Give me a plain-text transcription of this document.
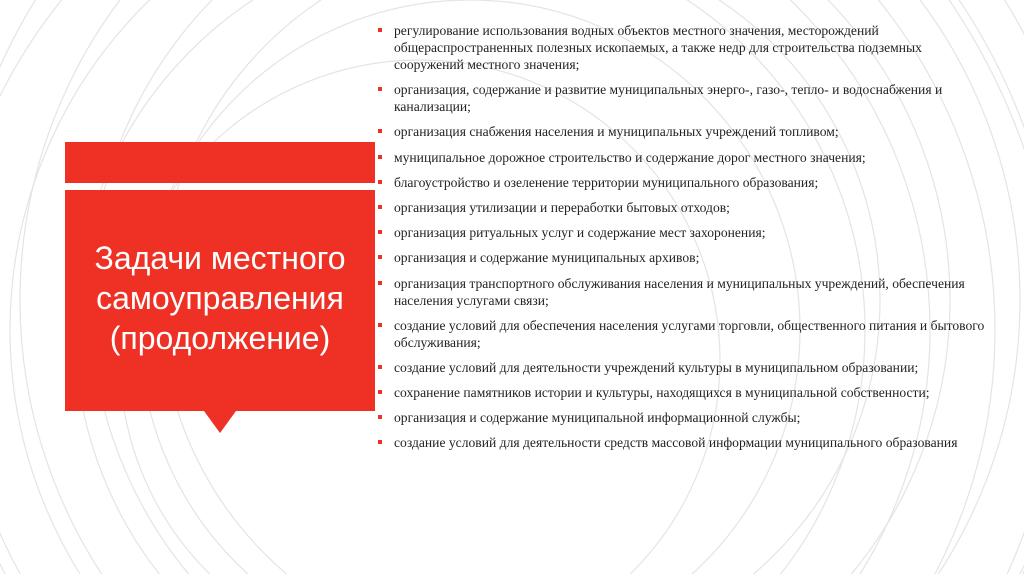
Задачи местного
самоуправления
(продолжение)
регулирование использования водных объектов местного значения, месторождений общераспространенных полезных ископаемых, а также недр для строительства подземных сооружений местного значения;
организация, содержание и развитие муниципальных энерго-, газо-, тепло- и водоснабжения и канализации;
организация снабжения населения и муниципальных учреждений топливом;
муниципальное дорожное строительство и содержание дорог местного значения;
благоустройство и озеленение территории муниципального образования;
организация утилизации и переработки бытовых отходов;
организация ритуальных услуг и содержание мест захоронения;
организация и содержание муниципальных архивов;
организация транспортного обслуживания населения и муниципальных учреждений, обеспечения населения услугами связи;
создание условий для обеспечения населения услугами торговли, общественного питания и бытового обслуживания;
создание условий для деятельности учреждений культуры в муниципальном образовании;
сохранение памятников истории и культуры, находящихся в муниципальной собственности;
организация и содержание муниципальной информационной службы;
создание условий для деятельности средств массовой информации муниципального образования
